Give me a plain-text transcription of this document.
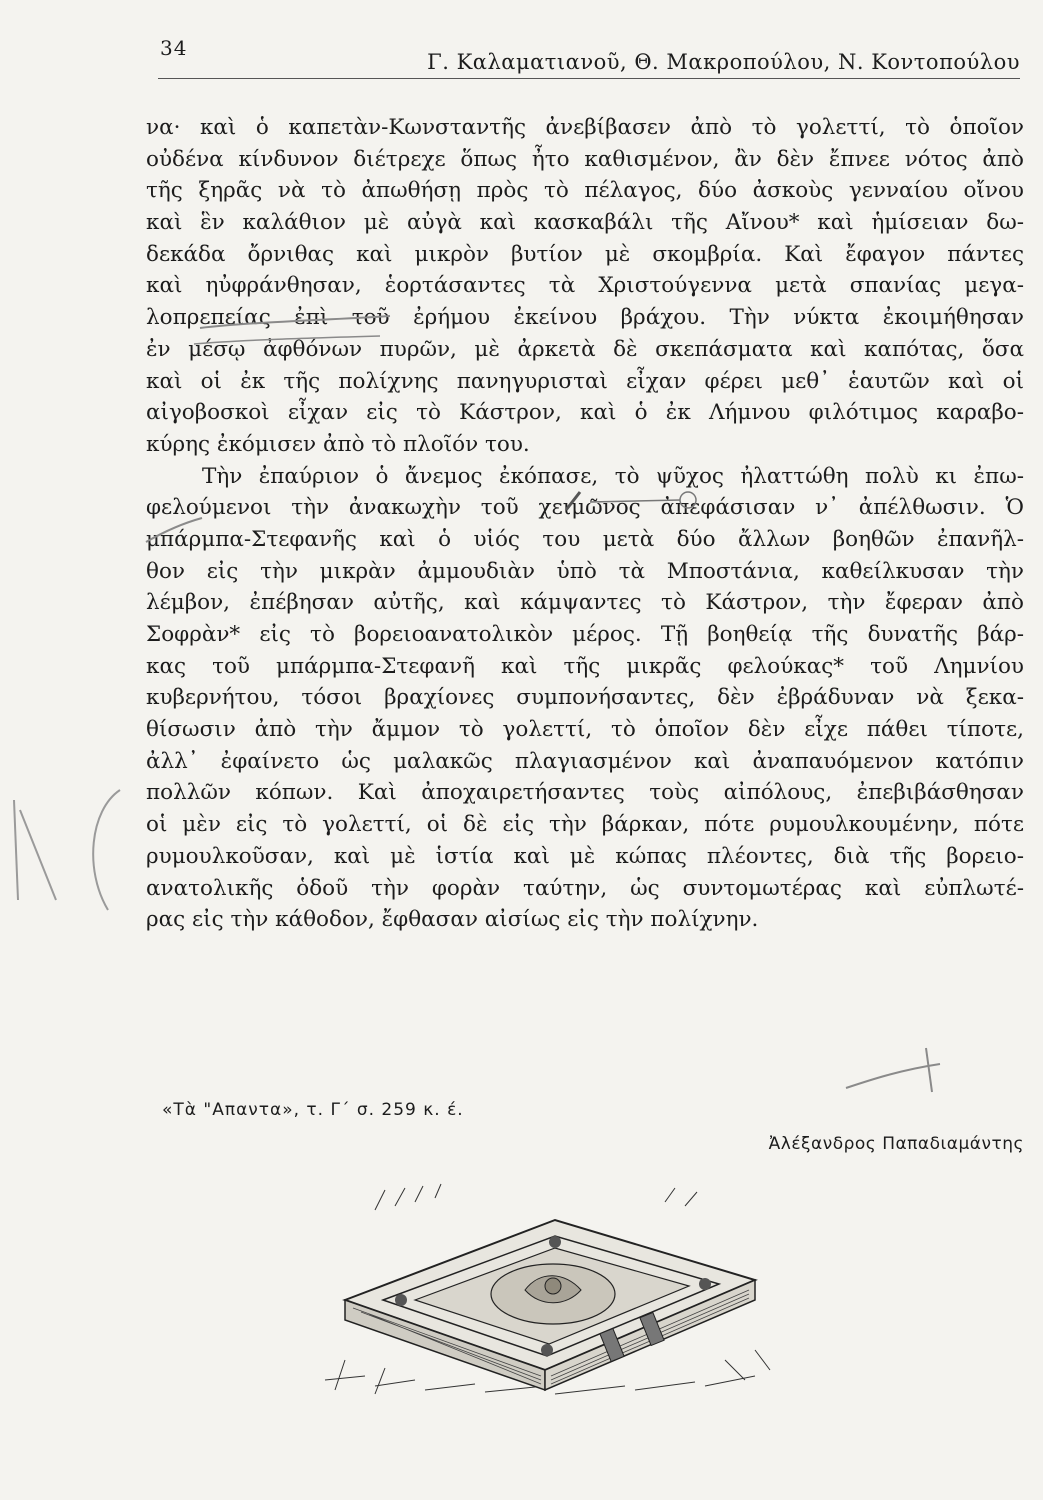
34
Γ. Καλαματιανοῦ, Θ. Μακροπούλου, Ν. Κοντοπούλου
να· καὶ ὁ καπετὰν-Κωνσταντῆς ἀνεβίβασεν ἀπὸ τὸ γολεττί, τὸ ὁποῖον
οὐδένα κίνδυνον διέτρεχε ὅπως ἦτο καθισμένον, ἂν δὲν ἔπνεε νότος ἀπὸ
τῆς ξηρᾶς νὰ τὸ ἀπωθήσῃ πρὸς τὸ πέλαγος, δύο ἀσκοὺς γενναίου οἴνου
καὶ ἓν καλάθιον μὲ αὐγὰ καὶ κασκαβάλι τῆς Αἴνου* καὶ ἡμίσειαν δω-
δεκάδα ὄρνιθας καὶ μικρὸν βυτίον μὲ σκομβρία. Καὶ ἔφαγον πάντες
καὶ ηὐφράνθησαν, ἑορτάσαντες τὰ Χριστούγεννα μετὰ σπανίας μεγα-
λοπρεπείας ἐπὶ τοῦ ἐρήμου ἐκείνου βράχου. Τὴν νύκτα ἐκοιμήθησαν
ἐν μέσῳ ἀφθόνων πυρῶν, μὲ ἀρκετὰ δὲ σκεπάσματα καὶ καπότας, ὅσα
καὶ οἱ ἐκ τῆς πολίχνης πανηγυρισταὶ εἶχαν φέρει μεθ᾽ ἑαυτῶν καὶ οἱ
αἰγοβοσκοὶ εἶχαν εἰς τὸ Κάστρον, καὶ ὁ ἐκ Λήμνου φιλότιμος καραβο-
κύρης ἐκόμισεν ἀπὸ τὸ πλοῖόν του.
Τὴν ἐπαύριον ὁ ἄνεμος ἐκόπασε, τὸ ψῦχος ἠλαττώθη πολὺ κι ἐπω-
φελούμενοι τὴν ἀνακωχὴν τοῦ χειμῶνος ἀπεφάσισαν ν᾽ ἀπέλθωσιν. Ὁ
μπάρμπα-Στεφανῆς καὶ ὁ υἱός του μετὰ δύο ἄλλων βοηθῶν ἐπανῆλ-
θον εἰς τὴν μικρὰν ἀμμουδιὰν ὑπὸ τὰ Μποστάνια, καθείλκυσαν τὴν
λέμβον, ἐπέβησαν αὐτῆς, καὶ κάμψαντες τὸ Κάστρον, τὴν ἔφεραν ἀπὸ
Σοφρὰν* εἰς τὸ βορειοανατολικὸν μέρος. Τῇ βοηθείᾳ τῆς δυνατῆς βάρ-
κας τοῦ μπάρμπα-Στεφανῆ καὶ τῆς μικρᾶς φελούκας* τοῦ Λημνίου
κυβερνήτου, τόσοι βραχίονες συμπονήσαντες, δὲν ἐβράδυναν νὰ ξεκα-
θίσωσιν ἀπὸ τὴν ἄμμον τὸ γολεττί, τὸ ὁποῖον δὲν εἶχε πάθει τίποτε,
ἀλλ᾽ ἐφαίνετο ὡς μαλακῶς πλαγιασμένον καὶ ἀναπαυόμενον κατόπιν
πολλῶν κόπων. Καὶ ἀποχαιρετήσαντες τοὺς αἰπόλους, ἐπεβιβάσθησαν
οἱ μὲν εἰς τὸ γολεττί, οἱ δὲ εἰς τὴν βάρκαν, πότε ρυμουλκουμένην, πότε
ρυμουλκοῦσαν, καὶ μὲ ἱστία καὶ μὲ κώπας πλέοντες, διὰ τῆς βορειο-
ανατολικῆς ὁδοῦ τὴν φορὰν ταύτην, ὡς συντομωτέρας καὶ εὐπλωτέ-
ρας εἰς τὴν κάθοδον, ἔφθασαν αἰσίως εἰς τὴν πολίχνην.
«Τὰ "Απαντα», τ. Γ΄ σ. 259 κ. έ.
Ἀλέξανδρος Παπαδιαμάντης
